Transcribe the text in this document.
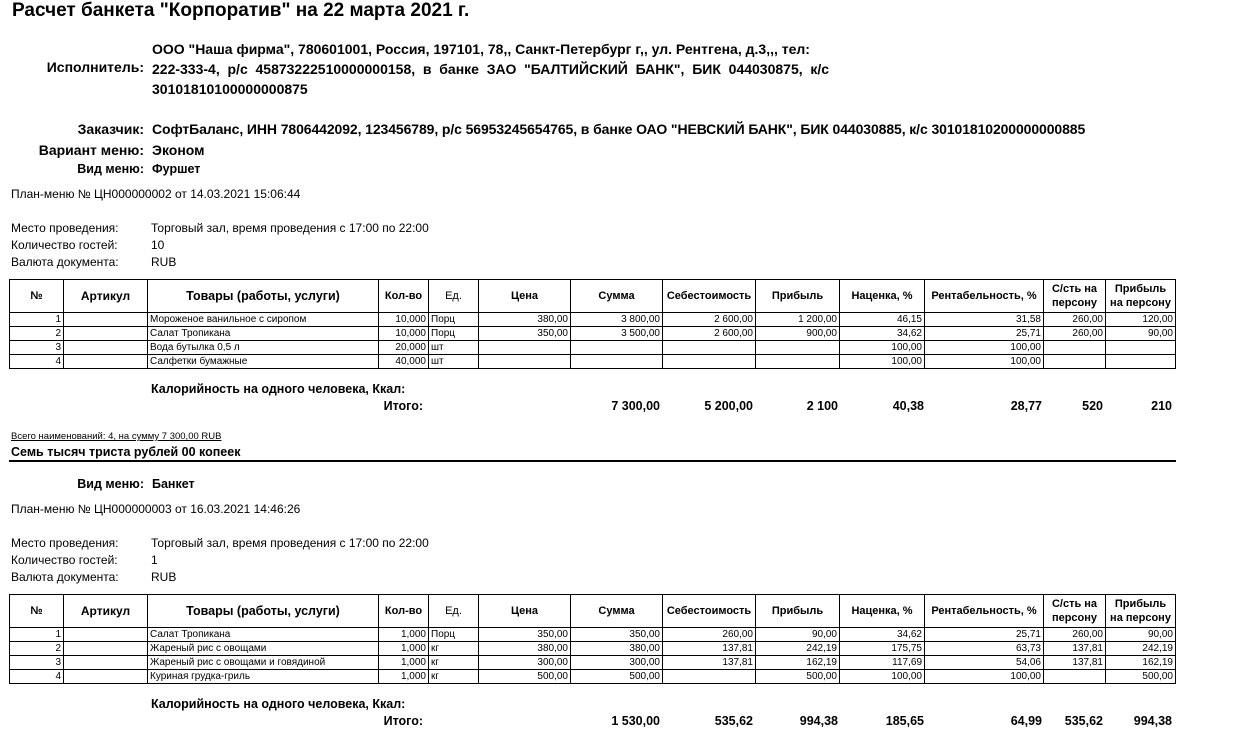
Расчет банкета "Корпоратив" на 22 марта 2021 г.
Исполнитель:
ООО "Наша фирма", 780601001, Россия, 197101, 78,, Санкт-Петербург г,, ул. Рентгена, д.3,,, тел:
222-333-4,  р/с  45873222510000000158,  в  банке  ЗАО  "БАЛТИЙСКИЙ  БАНК",  БИК  044030875,  к/с
30101810100000000875
Заказчик: СофтБаланс, ИНН 7806442092, 123456789, р/с 56953245654765, в банке ОАО "НЕВСКИЙ БАНК", БИК 044030885, к/с 30101810200000000885
Вариант меню: Эконом
Вид меню: Фуршет
План-меню № ЦН000000002 от 14.03.2021 15:06:44
Место проведения:	Торговый зал, время проведения с 17:00 по 22:00
Количество гостей:	10
Валюта документа:	RUB
№	Артикул	Товары (работы, услуги)	Кол-во	Ед.	Цена	Сумма	Себестоимость	Прибыль	Наценка, %	Рентабельность, %	С/сть на персону	Прибыль на персону
1		Мороженое ванильное с сиропом	10,000	Порц	380,00	3 800,00	2 600,00	1 200,00	46,15	31,58	260,00	120,00
2		Салат Тропикана	10,000	Порц	350,00	3 500,00	2 600,00	900,00	34,62	25,71	260,00	90,00
3		Вода бутылка 0,5 л	20,000	шт					100,00	100,00		
4		Салфетки бумажные	40,000	шт					100,00	100,00		
Калорийность на одного человека, Ккал:
Итого:	7 300,00	5 200,00	2 100	40,38	28,77	520	210
Всего наименований: 4, на сумму 7 300,00 RUB
Семь тысяч триста рублей 00 копеек
Вид меню: Банкет
План-меню № ЦН000000003 от 16.03.2021 14:46:26
Место проведения:	Торговый зал, время проведения с 17:00 по 22:00
Количество гостей:	1
Валюта документа:	RUB
№	Артикул	Товары (работы, услуги)	Кол-во	Ед.	Цена	Сумма	Себестоимость	Прибыль	Наценка, %	Рентабельность, %	С/сть на персону	Прибыль на персону
1		Салат Тропикана	1,000	Порц	350,00	350,00	260,00	90,00	34,62	25,71	260,00	90,00
2		Жареный рис с овощами	1,000	кг	380,00	380,00	137,81	242,19	175,75	63,73	137,81	242,19
3		Жареный рис с овощами и говядиной	1,000	кг	300,00	300,00	137,81	162,19	117,69	54,06	137,81	162,19
4		Куриная грудка-гриль	1,000	кг	500,00	500,00		500,00	100,00	100,00		500,00
Калорийность на одного человека, Ккал:
Итого:	1 530,00	535,62	994,38	185,65	64,99	535,62	994,38
